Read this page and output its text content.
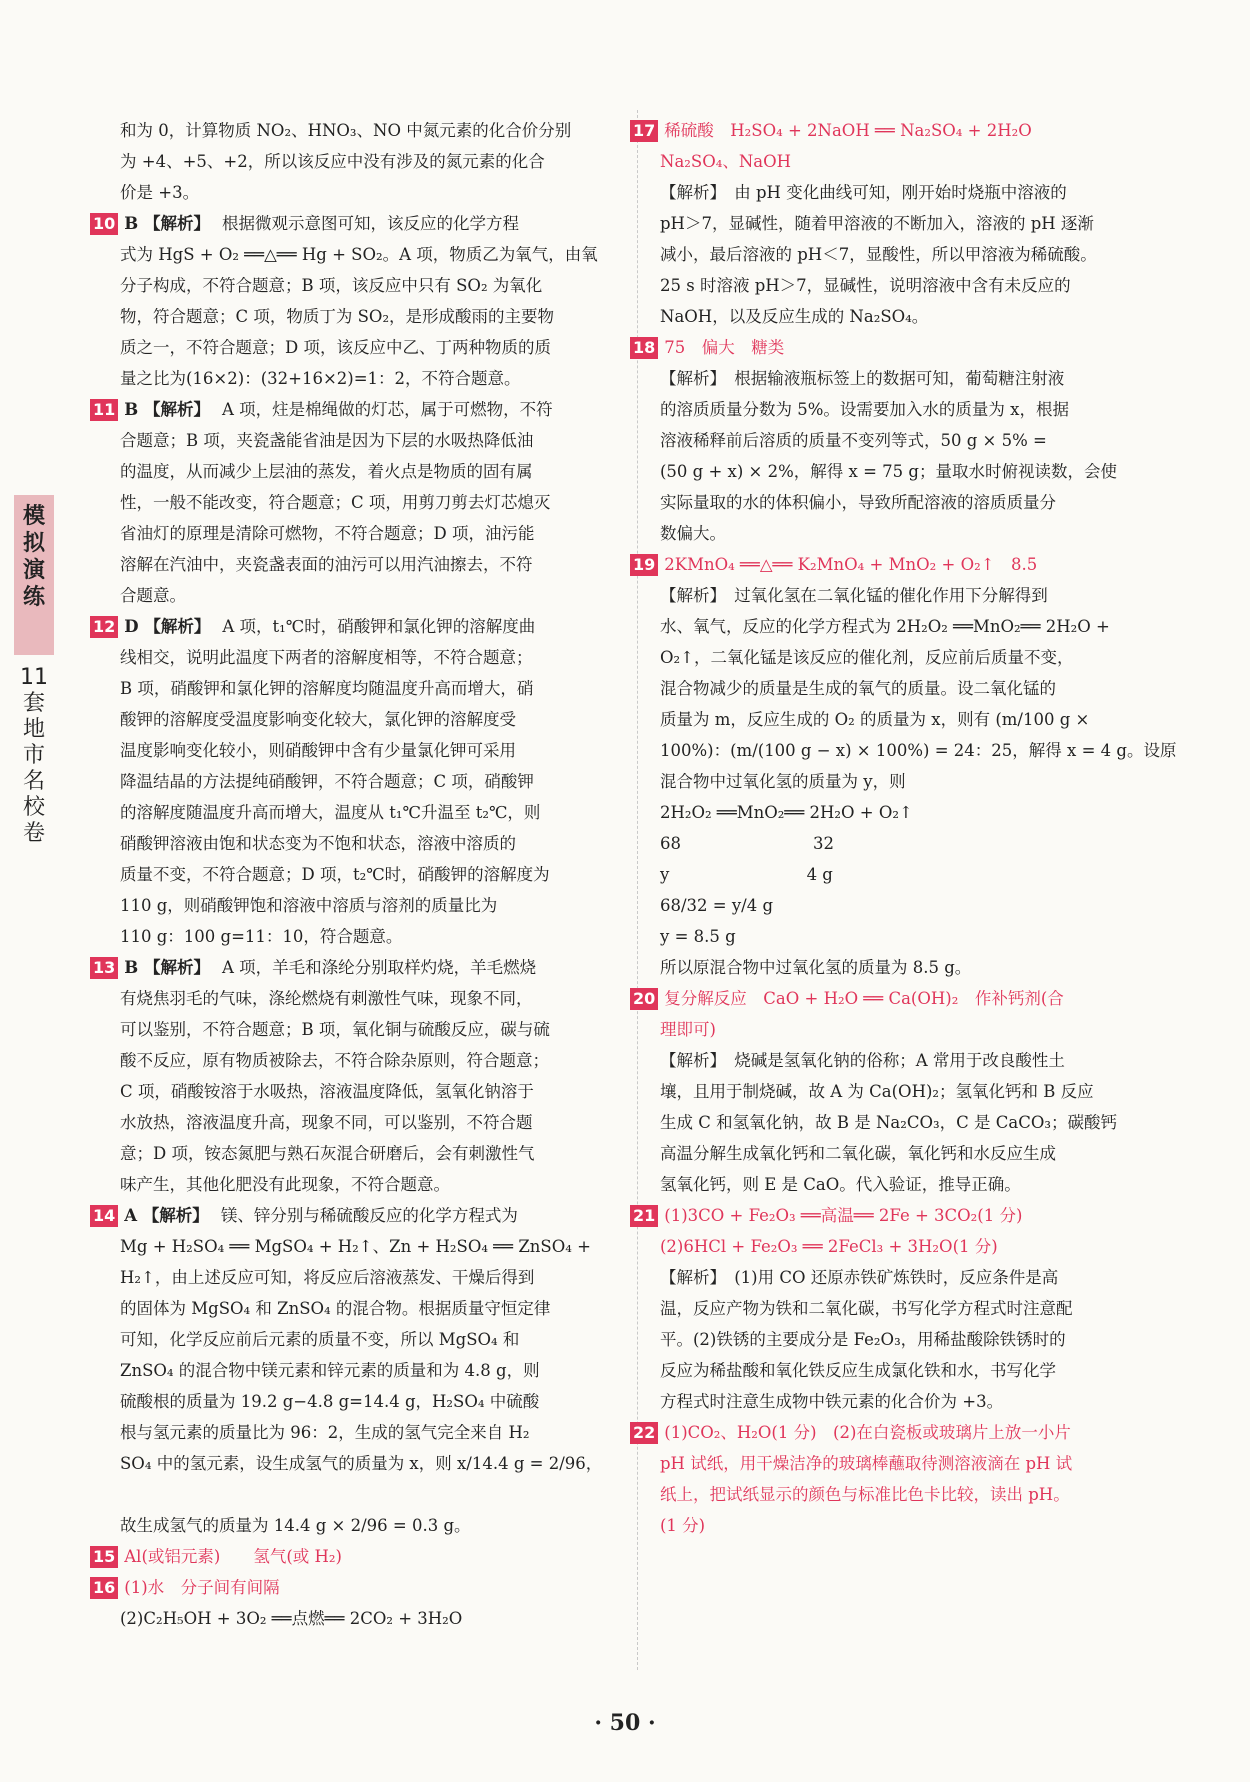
模拟演练
11套地市名校卷
和为 0，计算物质 NO₂、HNO₃、NO 中氮元素的化合价分别
为 +4、+5、+2，所以该反应中没有涉及的氮元素的化合
价是 +3。
10 B 【解析】 根据微观示意图可知，该反应的化学方程
式为 HgS + O₂ ══△══ Hg + SO₂。A 项，物质乙为氧气，由氧
分子构成，不符合题意；B 项，该反应中只有 SO₂ 为氧化
物，符合题意；C 项，物质丁为 SO₂，是形成酸雨的主要物
质之一，不符合题意；D 项，该反应中乙、丁两种物质的质
量之比为(16×2)：(32+16×2)=1：2，不符合题意。
11 B 【解析】 A 项，炷是棉绳做的灯芯，属于可燃物，不符
合题意；B 项，夹瓷盏能省油是因为下层的水吸热降低油
的温度，从而减少上层油的蒸发，着火点是物质的固有属
性，一般不能改变，符合题意；C 项，用剪刀剪去灯芯熄灭
省油灯的原理是清除可燃物，不符合题意；D 项，油污能
溶解在汽油中，夹瓷盏表面的油污可以用汽油擦去，不符
合题意。
12 D 【解析】 A 项，t₁℃时，硝酸钾和氯化钾的溶解度曲
线相交，说明此温度下两者的溶解度相等，不符合题意；
B 项，硝酸钾和氯化钾的溶解度均随温度升高而增大，硝
酸钾的溶解度受温度影响变化较大，氯化钾的溶解度受
温度影响变化较小，则硝酸钾中含有少量氯化钾可采用
降温结晶的方法提纯硝酸钾，不符合题意；C 项，硝酸钾
的溶解度随温度升高而增大，温度从 t₁℃升温至 t₂℃，则
硝酸钾溶液由饱和状态变为不饱和状态，溶液中溶质的
质量不变，不符合题意；D 项，t₂℃时，硝酸钾的溶解度为
110 g，则硝酸钾饱和溶液中溶质与溶剂的质量比为
110 g：100 g=11：10，符合题意。
13 B 【解析】 A 项，羊毛和涤纶分别取样灼烧，羊毛燃烧
有烧焦羽毛的气味，涤纶燃烧有刺激性气味，现象不同，
可以鉴别，不符合题意；B 项，氧化铜与硫酸反应，碳与硫
酸不反应，原有物质被除去，不符合除杂原则，符合题意；
C 项，硝酸铵溶于水吸热，溶液温度降低，氢氧化钠溶于
水放热，溶液温度升高，现象不同，可以鉴别，不符合题
意；D 项，铵态氮肥与熟石灰混合研磨后，会有刺激性气
味产生，其他化肥没有此现象，不符合题意。
14 A 【解析】 镁、锌分别与稀硫酸反应的化学方程式为
Mg + H₂SO₄ ══ MgSO₄ + H₂↑、Zn + H₂SO₄ ══ ZnSO₄ +
H₂↑，由上述反应可知，将反应后溶液蒸发、干燥后得到
的固体为 MgSO₄ 和 ZnSO₄ 的混合物。根据质量守恒定律
可知，化学反应前后元素的质量不变，所以 MgSO₄ 和
ZnSO₄ 的混合物中镁元素和锌元素的质量和为 4.8 g，则
硫酸根的质量为 19.2 g−4.8 g=14.4 g，H₂SO₄ 中硫酸
根与氢元素的质量比为 96：2，生成的氢气完全来自 H₂
SO₄ 中的氢元素，设生成氢气的质量为 x，则 x/14.4 g = 2/96，
故生成氢气的质量为 14.4 g × 2/96 = 0.3 g。
15 Al(或铝元素)　　氢气(或 H₂)
16 (1)水　分子间有间隔
(2)C₂H₅OH + 3O₂ ══点燃══ 2CO₂ + 3H₂O
17 稀硫酸　H₂SO₄ + 2NaOH ══ Na₂SO₄ + 2H₂O
Na₂SO₄、NaOH
【解析】　由 pH 变化曲线可知，刚开始时烧瓶中溶液的
pH＞7，显碱性，随着甲溶液的不断加入，溶液的 pH 逐渐
减小，最后溶液的 pH＜7，显酸性，所以甲溶液为稀硫酸。
25 s 时溶液 pH＞7，显碱性，说明溶液中含有未反应的
NaOH，以及反应生成的 Na₂SO₄。
18 75　偏大　糖类
【解析】　根据输液瓶标签上的数据可知，葡萄糖注射液
的溶质质量分数为 5%。设需要加入水的质量为 x，根据
溶液稀释前后溶质的质量不变列等式，50 g × 5% =
(50 g + x) × 2%，解得 x = 75 g；量取水时俯视读数，会使
实际量取的水的体积偏小，导致所配溶液的溶质质量分
数偏大。
19 2KMnO₄ ══△══ K₂MnO₄ + MnO₂ + O₂↑　8.5
【解析】　过氧化氢在二氧化锰的催化作用下分解得到
水、氧气，反应的化学方程式为 2H₂O₂ ══MnO₂══ 2H₂O +
O₂↑，二氧化锰是该反应的催化剂，反应前后质量不变，
混合物减少的质量是生成的氧气的质量。设二氧化锰的
质量为 m，反应生成的 O₂ 的质量为 x，则有 (m/100 g ×
100%)：(m/(100 g − x) × 100%) = 24：25，解得 x = 4 g。设原
混合物中过氧化氢的质量为 y，则
2H₂O₂ ══MnO₂══ 2H₂O + O₂↑
68　　　　　　　　32
y　　　　　　　　 4 g
68/32 = y/4 g
y = 8.5 g
所以原混合物中过氧化氢的质量为 8.5 g。
20 复分解反应　CaO + H₂O ══ Ca(OH)₂　作补钙剂(合
理即可)
【解析】　烧碱是氢氧化钠的俗称；A 常用于改良酸性土
壤，且用于制烧碱，故 A 为 Ca(OH)₂；氢氧化钙和 B 反应
生成 C 和氢氧化钠，故 B 是 Na₂CO₃，C 是 CaCO₃；碳酸钙
高温分解生成氧化钙和二氧化碳，氧化钙和水反应生成
氢氧化钙，则 E 是 CaO。代入验证，推导正确。
21 (1)3CO + Fe₂O₃ ══高温══ 2Fe + 3CO₂(1 分)
(2)6HCl + Fe₂O₃ ══ 2FeCl₃ + 3H₂O(1 分)
【解析】　(1)用 CO 还原赤铁矿炼铁时，反应条件是高
温，反应产物为铁和二氧化碳，书写化学方程式时注意配
平。(2)铁锈的主要成分是 Fe₂O₃，用稀盐酸除铁锈时的
反应为稀盐酸和氧化铁反应生成氯化铁和水，书写化学
方程式时注意生成物中铁元素的化合价为 +3。
22 (1)CO₂、H₂O(1 分)　(2)在白瓷板或玻璃片上放一小片
pH 试纸，用干燥洁净的玻璃棒蘸取待测溶液滴在 pH 试
纸上，把试纸显示的颜色与标准比色卡比较，读出 pH。
(1 分)
· 50 ·
